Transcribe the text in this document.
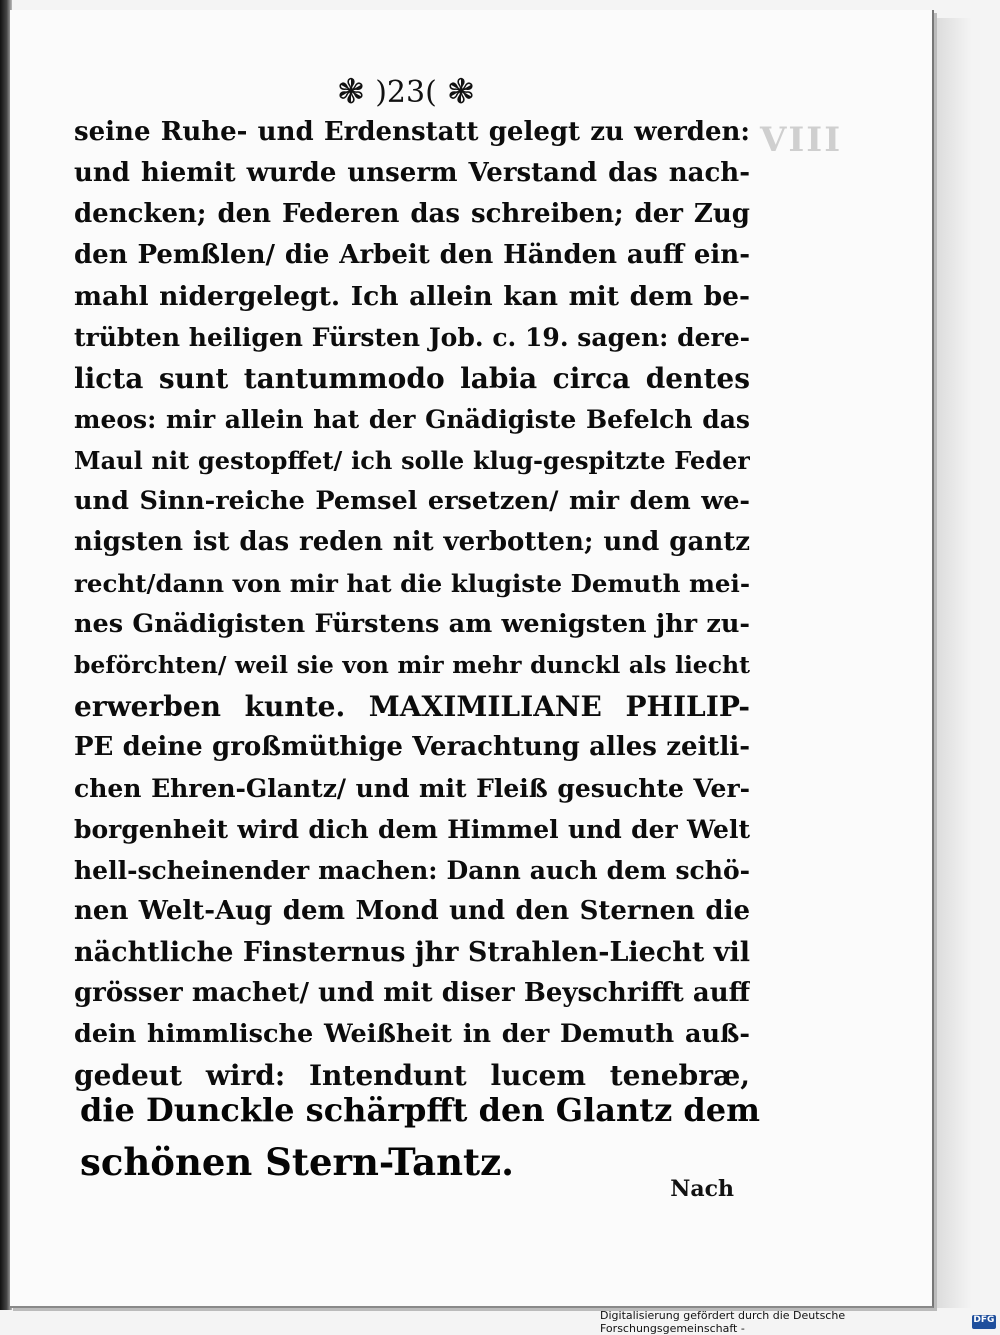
VIII
❃ )23( ❃
seine Ruhe- und Erdenstatt gelegt zu werden:
und hiemit wurde unserm Verstand das nach-
dencken; den Federen das schreiben; der Zug
den Pemßlen/ die Arbeit den Händen auff ein-
mahl nidergelegt. Ich allein kan mit dem be-
trübten heiligen Fürsten Job. c. 19. sagen: dere-
licta sunt tantummodo labia circa dentes
meos: mir allein hat der Gnädigiste Befelch das
Maul nit gestopffet/ ich solle klug-gespitzte Feder
und Sinn-reiche Pemsel ersetzen/ mir dem we-
nigsten ist das reden nit verbotten; und gantz
recht/dann von mir hat die klugiste Demuth mei-
nes Gnädigisten Fürstens am wenigsten jhr zu-
beförchten/ weil sie von mir mehr dunckl als liecht
erwerben kunte. MAXIMILIANE PHILIP-
PE deine großmüthige Verachtung alles zeitli-
chen Ehren-Glantz/ und mit Fleiß gesuchte Ver-
borgenheit wird dich dem Himmel und der Welt
hell-scheinender machen: Dann auch dem schö-
nen Welt-Aug dem Mond und den Sternen die
nächtliche Finsternus jhr Strahlen-Liecht vil
grösser machet/ und mit diser Beyschrifft auff
dein himmlische Weißheit in der Demuth auß-
gedeut wird: Intendunt lucem tenebræ,
die Dunckle schärpfft den Glantz dem
schönen Stern-Tantz.
Nach
Digitalisierung gefördert durch die Deutsche Forschungsgemeinschaft -
DFG
